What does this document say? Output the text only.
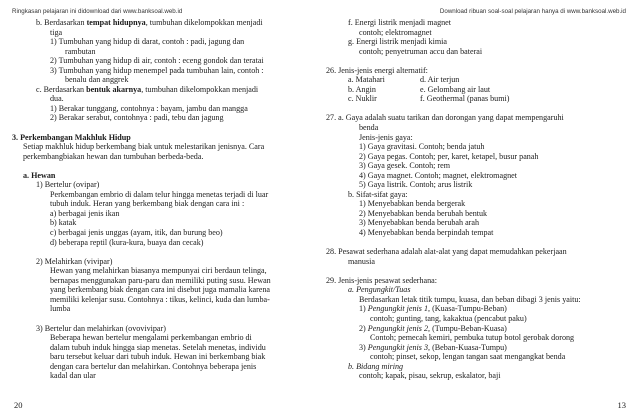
Ringkasan pelajaran ini didownload dari www.banksoal.web.id	Download ribuan soal-soal pelajaran hanya di www.banksoal.web.id
b. Berdasarkan tempat hidupnya, tumbuhan dikelompokkan menjadi
tiga
1) Tumbuhan yang hidup di darat, contoh : padi, jagung dan
rambutan
2) Tumbuhan yang hidup di air, contoh : eceng gondok dan teratai
3) Tumbuhan yang hidup menempel pada tumbuhan lain, contoh :
benalu dan anggrek
c. Berdasarkan bentuk akarnya, tumbuhan dikelompokkan menjadi
dua.
1) Berakar tunggang, contohnya : bayam, jambu dan mangga
2) Berakar serabut, contohnya : padi, tebu dan jagung
3. Perkembangan Makhluk Hidup
Setiap makhluk hidup berkembang biak untuk melestarikan jenisnya. Cara
perkembangbiakan hewan dan tumbuhan berbeda-beda.
a. Hewan
1) Bertelur (ovipar)
Perkembangan embrio di dalam telur hingga menetas terjadi di luar
tubuh induk. Heran yang berkembang biak dengan cara ini :
a) berbagai jenis ikan
b) katak
c) berbagai jenis unggas (ayam, itik, dan burung beo)
d) beberapa reptil (kura-kura, buaya dan cecak)
2) Melahirkan (vivipar)
Hewan yang melahirkan biasanya mempunyai ciri berdaun telinga,
bernapas menggunakan paru-paru dan memiliki puting susu. Hewan
yang berkembang biak dengan cara ini disebut juga mamalia karena
memiliki kelenjar susu. Contohnya : tikus, kelinci, kuda dan lumba-
lumba
3) Bertelur dan melahirkan (ovovivipar)
Beberapa hewan bertelur mengalami perkembangan embrio di
dalam tubuh induk hingga siap menetas. Setelah menetas, individu
baru tersebut keluar dari tubuh induk. Hewan ini berkembang biak
dengan cara bertelur dan melahirkan. Contohnya beberapa jenis
kadal dan ular
f. Energi listrik menjadi magnet
contoh; elektromagnet
g. Energi listrik menjadi kimia
contoh; penyetruman accu dan baterai
26. Jenis-jenis energi alternatif:
a. Matahari	d. Air terjun
b. Angin	e. Gelombang air laut
c. Nuklir	f. Geothermal (panas bumi)
27. a. Gaya adalah suatu tarikan dan dorongan yang dapat mempengaruhi
benda
Jenis-jenis gaya:
1) Gaya gravitasi. Contoh; benda jatuh
2) Gaya pegas. Contoh; per, karet, ketapel, busur panah
3) Gaya gesek. Contoh; rem
4) Gaya magnet. Contoh; magnet, elektromagnet
5) Gaya listrik. Contoh; arus listrik
b. Sifat-sifat gaya:
1) Menyebabkan benda bergerak
2) Menyebabkan benda berubah bentuk
3) Menyebabkan benda berubah arah
4) Menyebabkan benda berpindah tempat
28. Pesawat sederhana adalah alat-alat yang dapat memudahkan pekerjaan
manusia
29. Jenis-jenis pesawat sederhana:
a. Pengungkit/Tuas
Berdasarkan letak titik tumpu, kuasa, dan beban dibagi 3 jenis yaitu:
1) Pengungkit jenis 1, (Kuasa-Tumpu-Beban)
contoh; gunting, tang, kakaktua (pencabut paku)
2) Pengungkit jenis 2, (Tumpu-Beban-Kuasa)
Contoh; pemecah kemiri, pembuka tutup botol gerobak dorong
3) Pengungkit jenis 3, (Beban-Kuasa-Tumpu)
contoh; pinset, sekop, lengan tangan saat mengangkat benda
b. Bidang miring
contoh; kapak, pisau, sekrup, eskalator, baji
20	13
